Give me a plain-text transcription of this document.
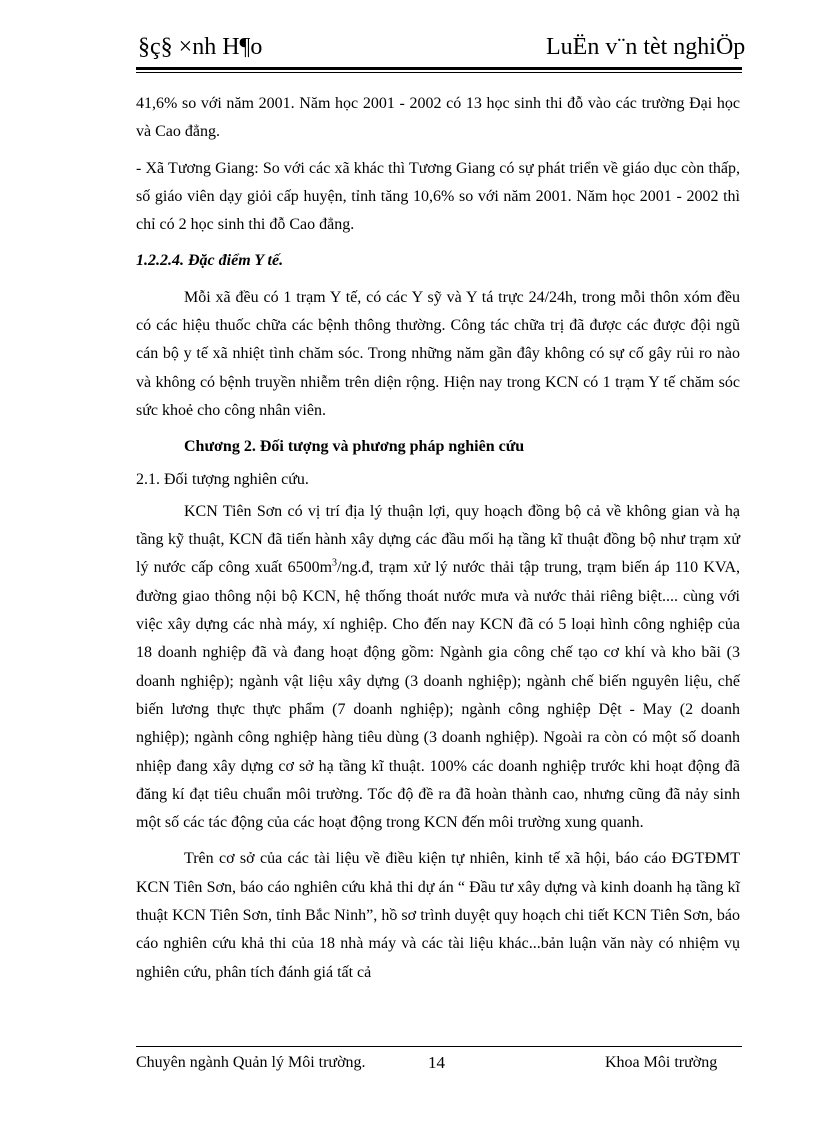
§ç§ ×nh H¶o	LuËn v¨n tèt nghiÖp

41,6% so với năm 2001. Năm học 2001 - 2002 có 13 học sinh thi đỗ vào các trường Đại học và Cao đẳng.

- Xã Tương Giang: So với các xã khác thì Tương Giang có sự phát triển về giáo dục còn thấp, số giáo viên dạy giỏi cấp huyện, tỉnh tăng 10,6% so với năm 2001. Năm học 2001 - 2002 thì chỉ có 2 học sinh thi đỗ Cao đẳng.

1.2.2.4. Đặc điểm Y tế.

Mỗi xã đều có 1 trạm Y tế, có các Y sỹ và Y tá trực 24/24h, trong mỗi thôn xóm đều có các hiệu thuốc chữa các bệnh thông thường. Công tác chữa trị đã được các được đội ngũ cán bộ y tế xã nhiệt tình chăm sóc. Trong những năm gần đây không có sự cố gây rủi ro nào và không có bệnh truyền nhiễm trên diện rộng. Hiện nay trong KCN có 1 trạm Y tế chăm sóc sức khoẻ cho công nhân viên.

Chương 2. Đối tượng và phương pháp nghiên cứu

2.1. Đối tượng nghiên cứu.

KCN Tiên Sơn có vị trí địa lý thuận lợi, quy hoạch đồng bộ cả về không gian và hạ tầng kỹ thuật, KCN đã tiến hành xây dựng các đầu mối hạ tầng kĩ thuật đồng bộ như trạm xử lý nước cấp công xuất $6500m^3/ng.đ$, trạm xử lý nước thải tập trung, trạm biến áp 110 KVA, đường giao thông nội bộ KCN, hệ thống thoát nước mưa và nước thải riêng biệt.... cùng với việc xây dựng các nhà máy, xí nghiệp. Cho đến nay KCN đã có 5 loại hình công nghiệp của 18 doanh nghiệp đã và đang hoạt động gồm: Ngành gia công chế tạo cơ khí và kho bãi (3 doanh nghiệp); ngành vật liệu xây dựng (3 doanh nghiệp); ngành chế biến nguyên liệu, chế biến lương thực thực phẩm (7 doanh nghiệp); ngành công nghiệp Dệt - May (2 doanh nghiệp); ngành công nghiệp hàng tiêu dùng (3 doanh nghiệp). Ngoài ra còn có một số doanh nhiệp đang xây dựng cơ sở hạ tầng kĩ thuật. 100% các doanh nghiệp trước khi hoạt động đã đăng kí đạt tiêu chuẩn môi trường. Tốc độ đề ra đã hoàn thành cao, nhưng cũng đã nảy sinh một số các tác động của các hoạt động trong KCN đến môi trường xung quanh.

Trên cơ sở của các tài liệu về điều kiện tự nhiên, kinh tế xã hội, báo cáo ĐGTĐMT KCN Tiên Sơn, báo cáo nghiên cứu khả thi dự án “ Đầu tư xây dựng và kinh doanh hạ tầng kĩ thuật KCN Tiên Sơn, tỉnh Bắc Ninh”, hồ sơ trình duyệt quy hoạch chi tiết KCN Tiên Sơn, báo cáo nghiên cứu khả thi của 18 nhà máy và các tài liệu khác...bản luận văn này có nhiệm vụ nghiên cứu, phân tích đánh giá tất cả

Chuyên ngành Quản lý Môi trường.	14	Khoa Môi trường
